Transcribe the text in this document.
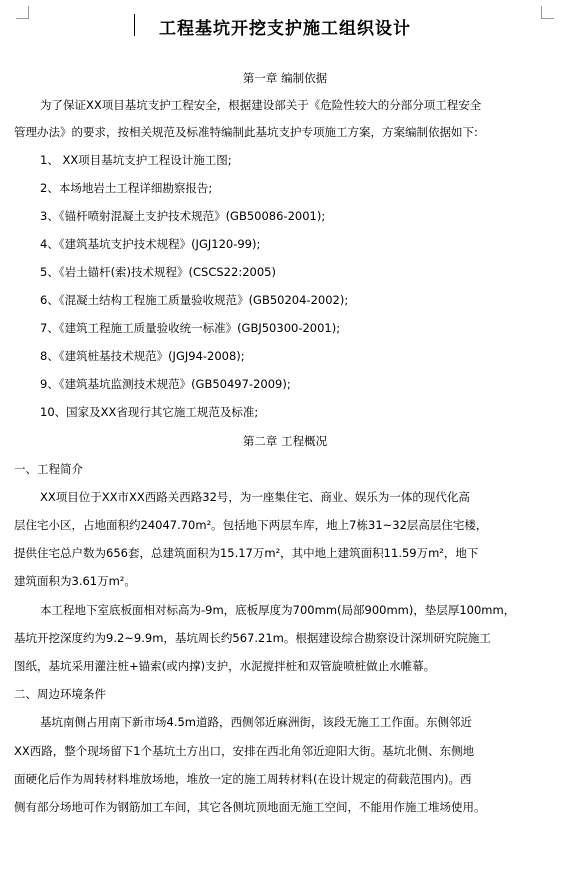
工程基坑开挖支护施工组织设计
第一章 编制依据
为了保证XX项目基坑支护工程安全，根据建设部关于《危险性较大的分部分项工程安全
管理办法》的要求，按相关规范及标准特编制此基坑支护专项施工方案，方案编制依据如下:
1、 XX项目基坑支护工程设计施工图;
2、本场地岩土工程详细勘察报告;
3、《锚杆喷射混凝土支护技术规范》(GB50086-2001);
4、《建筑基坑支护技术规程》(JGJ120-99);
5、《岩土锚杆(索)技术规程》(CSCS22:2005)
6、《混凝土结构工程施工质量验收规范》(GB50204-2002);
7、《建筑工程施工质量验收统一标准》(GBJ50300-2001);
8、《建筑桩基技术规范》(JGJ94-2008);
9、《建筑基坑监测技术规范》(GB50497-2009);
10、国家及XX省现行其它施工规范及标准;
第二章 工程概况
一、工程简介
XX项目位于XX市XX西路关西路32号，为一座集住宅、商业、娱乐为一体的现代化高
层住宅小区，占地面积约24047.70m²。包括地下两层车库，地上7栋31~32层高层住宅楼，
提供住宅总户数为656套，总建筑面积为15.17万m²，其中地上建筑面积11.59万m²，地下
建筑面积为3.61万m²。
本工程地下室底板面相对标高为-9m，底板厚度为700mm(局部900mm)，垫层厚100mm，
基坑开挖深度约为9.2~9.9m，基坑周长约567.21m。根据建设综合勘察设计深圳研究院施工
图纸，基坑采用灌注桩+锚索(或内撑)支护，水泥搅拌桩和双管旋喷桩做止水帷幕。
二、周边环境条件
基坑南侧占用南下新市场4.5m道路，西侧邻近麻洲街，该段无施工工作面。东侧邻近
XX西路，整个现场留下1个基坑土方出口，安排在西北角邻近迎阳大街。基坑北侧、东侧地
面硬化后作为周转材料堆放场地，堆放一定的施工周转材料(在设计规定的荷载范围内)。西
侧有部分场地可作为钢筋加工车间，其它各侧坑顶地面无施工空间，不能用作施工堆场使用。
